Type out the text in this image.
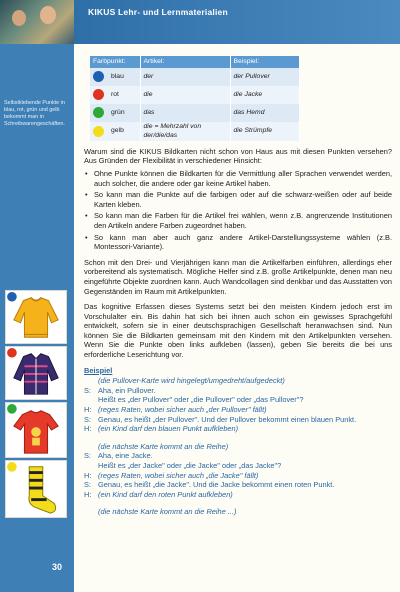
Selbstklebende Punkte in blau, rot, grün und gelb bekommt man in Schreibwarengeschäften.
30
KIKUS Lehr- und Lernmaterialien
Farbpunkt:	Artikel:	Beispiel:
blau	der	der Pullover
rot	die	die Jacke
grün	das	das Hemd
gelb	die = Mehrzahl von der/die/das	die Strümpfe

Warum sind die KIKUS Bildkarten nicht schon von Haus aus mit diesen Punkten versehen? Aus Gründen der Flexibilität in verschiedener Hinsicht:

• Ohne Punkte können die Bildkarten für die Vermittlung aller Sprachen verwendet werden, auch solcher, die andere oder gar keine Artikel haben.
• So kann man die Punkte auf die farbigen oder auf die schwarz-weißen oder auf beide Karten kleben.
• So kann man die Farben für die Artikel frei wählen, wenn z.B. angrenzende Institutionen den Artikeln andere Farben zugeordnet haben.
• So kann man aber auch ganz andere Artikel-Darstellungssysteme wählen (z.B. Montessori-Variante).

Schon mit den Drei- und Vierjährigen kann man die Artikelfarben einführen, allerdings eher vorbereitend als systematisch. Mögliche Helfer sind z.B. große Artikelpunkte, denen man neu eingeführte Objekte zuordnen kann. Auch Wandcollagen sind denkbar und das Ausstatten von Gegenständen im Raum mit Artikelpunkten.

Das kognitive Erfassen dieses Systems setzt bei den meisten Kindern jedoch erst im Vorschulalter ein. Bis dahin hat sich bei ihnen auch schon ein gewisses Sprachgefühl entwickelt, sofern sie in einer deutschsprachigen Gesellschaft heranwachsen sind. Nun können Sie die Bildkarten gemeinsam mit den Kindern mit den Artikelpunkten versehen. Wenn Sie die Punkte oben links aufkleben (lassen), geben Sie bereits die bei uns erforderliche Leserichtung vor.

Beispiel
(die Pullover-Karte wird hingelegt/umgedreht/aufgedeckt)
S: Aha, ein Pullover.
Heißt es „der Pullover" oder „die Pullover" oder „das Pullover"?
H: (reges Raten, wobei sicher auch „der Pullover" fällt)
S: Genau, es heißt „der Pullover". Und der Pullover bekommt einen blauen Punkt.
H: (ein Kind darf den blauen Punkt aufkleben)
(die nächste Karte kommt an die Reihe)
S: Aha, eine Jacke.
Heißt es „der Jacke" oder „die Jacke" oder „das Jacke"?
H: (reges Raten, wobei sicher auch „die Jacke" fällt)
S: Genau, es heißt „die Jacke". Und die Jacke bekommt einen roten Punkt.
H: (ein Kind darf den roten Punkt aufkleben)
(die nächste Karte kommt an die Reihe ...)
